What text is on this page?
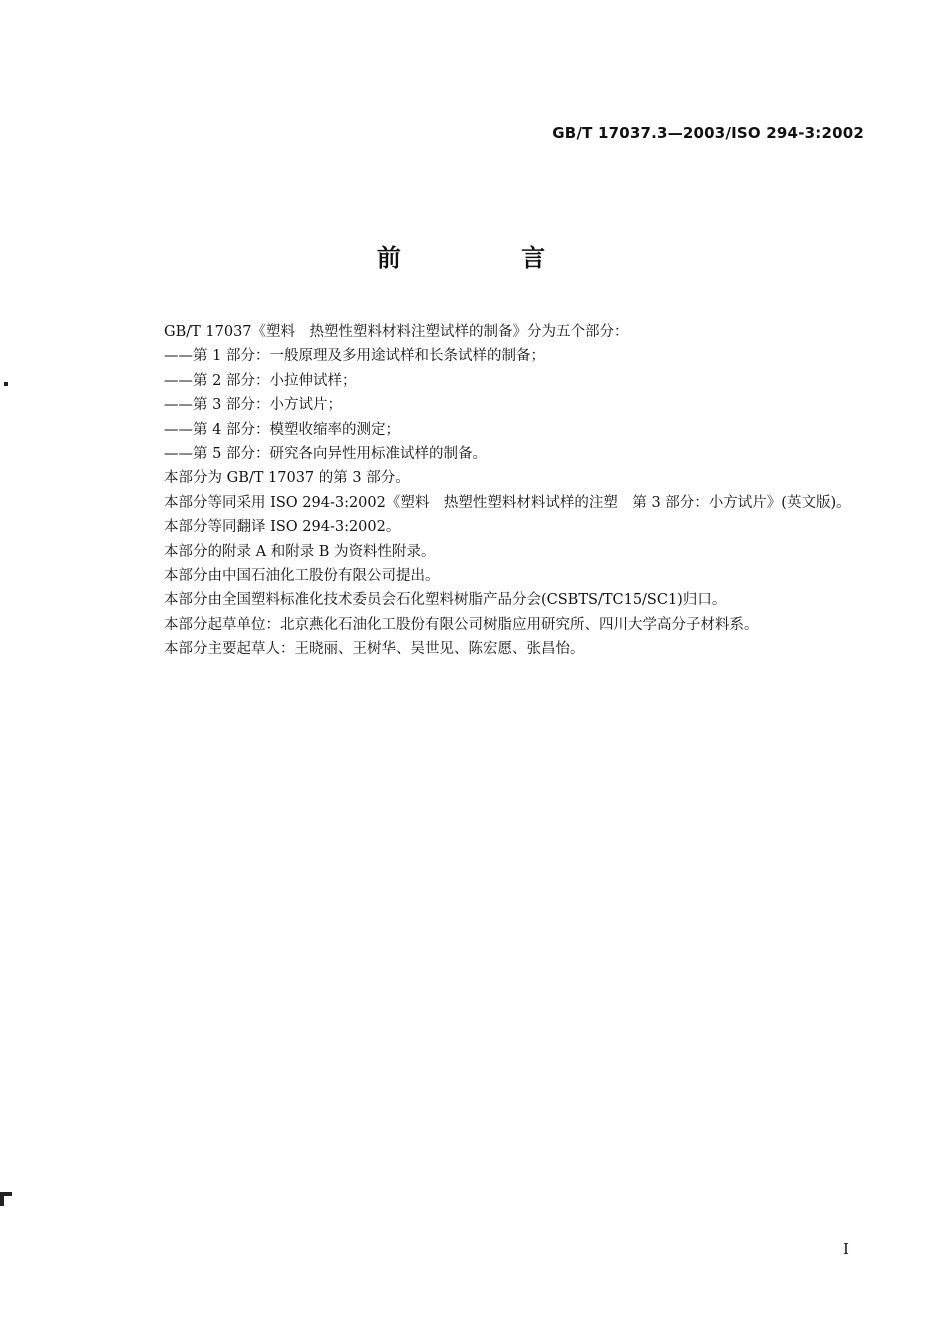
GB/T 17037.3—2003/ISO 294-3:2002
前 言

GB/T 17037《塑料　热塑性塑料材料注塑试样的制备》分为五个部分：

——第 1 部分：一般原理及多用途试样和长条试样的制备；

——第 2 部分：小拉伸试样；

——第 3 部分：小方试片；

——第 4 部分：模塑收缩率的测定；

——第 5 部分：研究各向异性用标准试样的制备。

本部分为 GB/T 17037 的第 3 部分。

本部分等同采用 ISO 294-3:2002《塑料　热塑性塑料材料试样的注塑　第 3 部分：小方试片》(英文版)。

本部分等同翻译 ISO 294-3:2002。

本部分的附录 A 和附录 B 为资料性附录。

本部分由中国石油化工股份有限公司提出。

本部分由全国塑料标准化技术委员会石化塑料树脂产品分会(CSBTS/TC15/SC1)归口。

本部分起草单位：北京燕化石油化工股份有限公司树脂应用研究所、四川大学高分子材料系。

本部分主要起草人：王晓丽、王树华、吴世见、陈宏愿、张昌怡。

I
